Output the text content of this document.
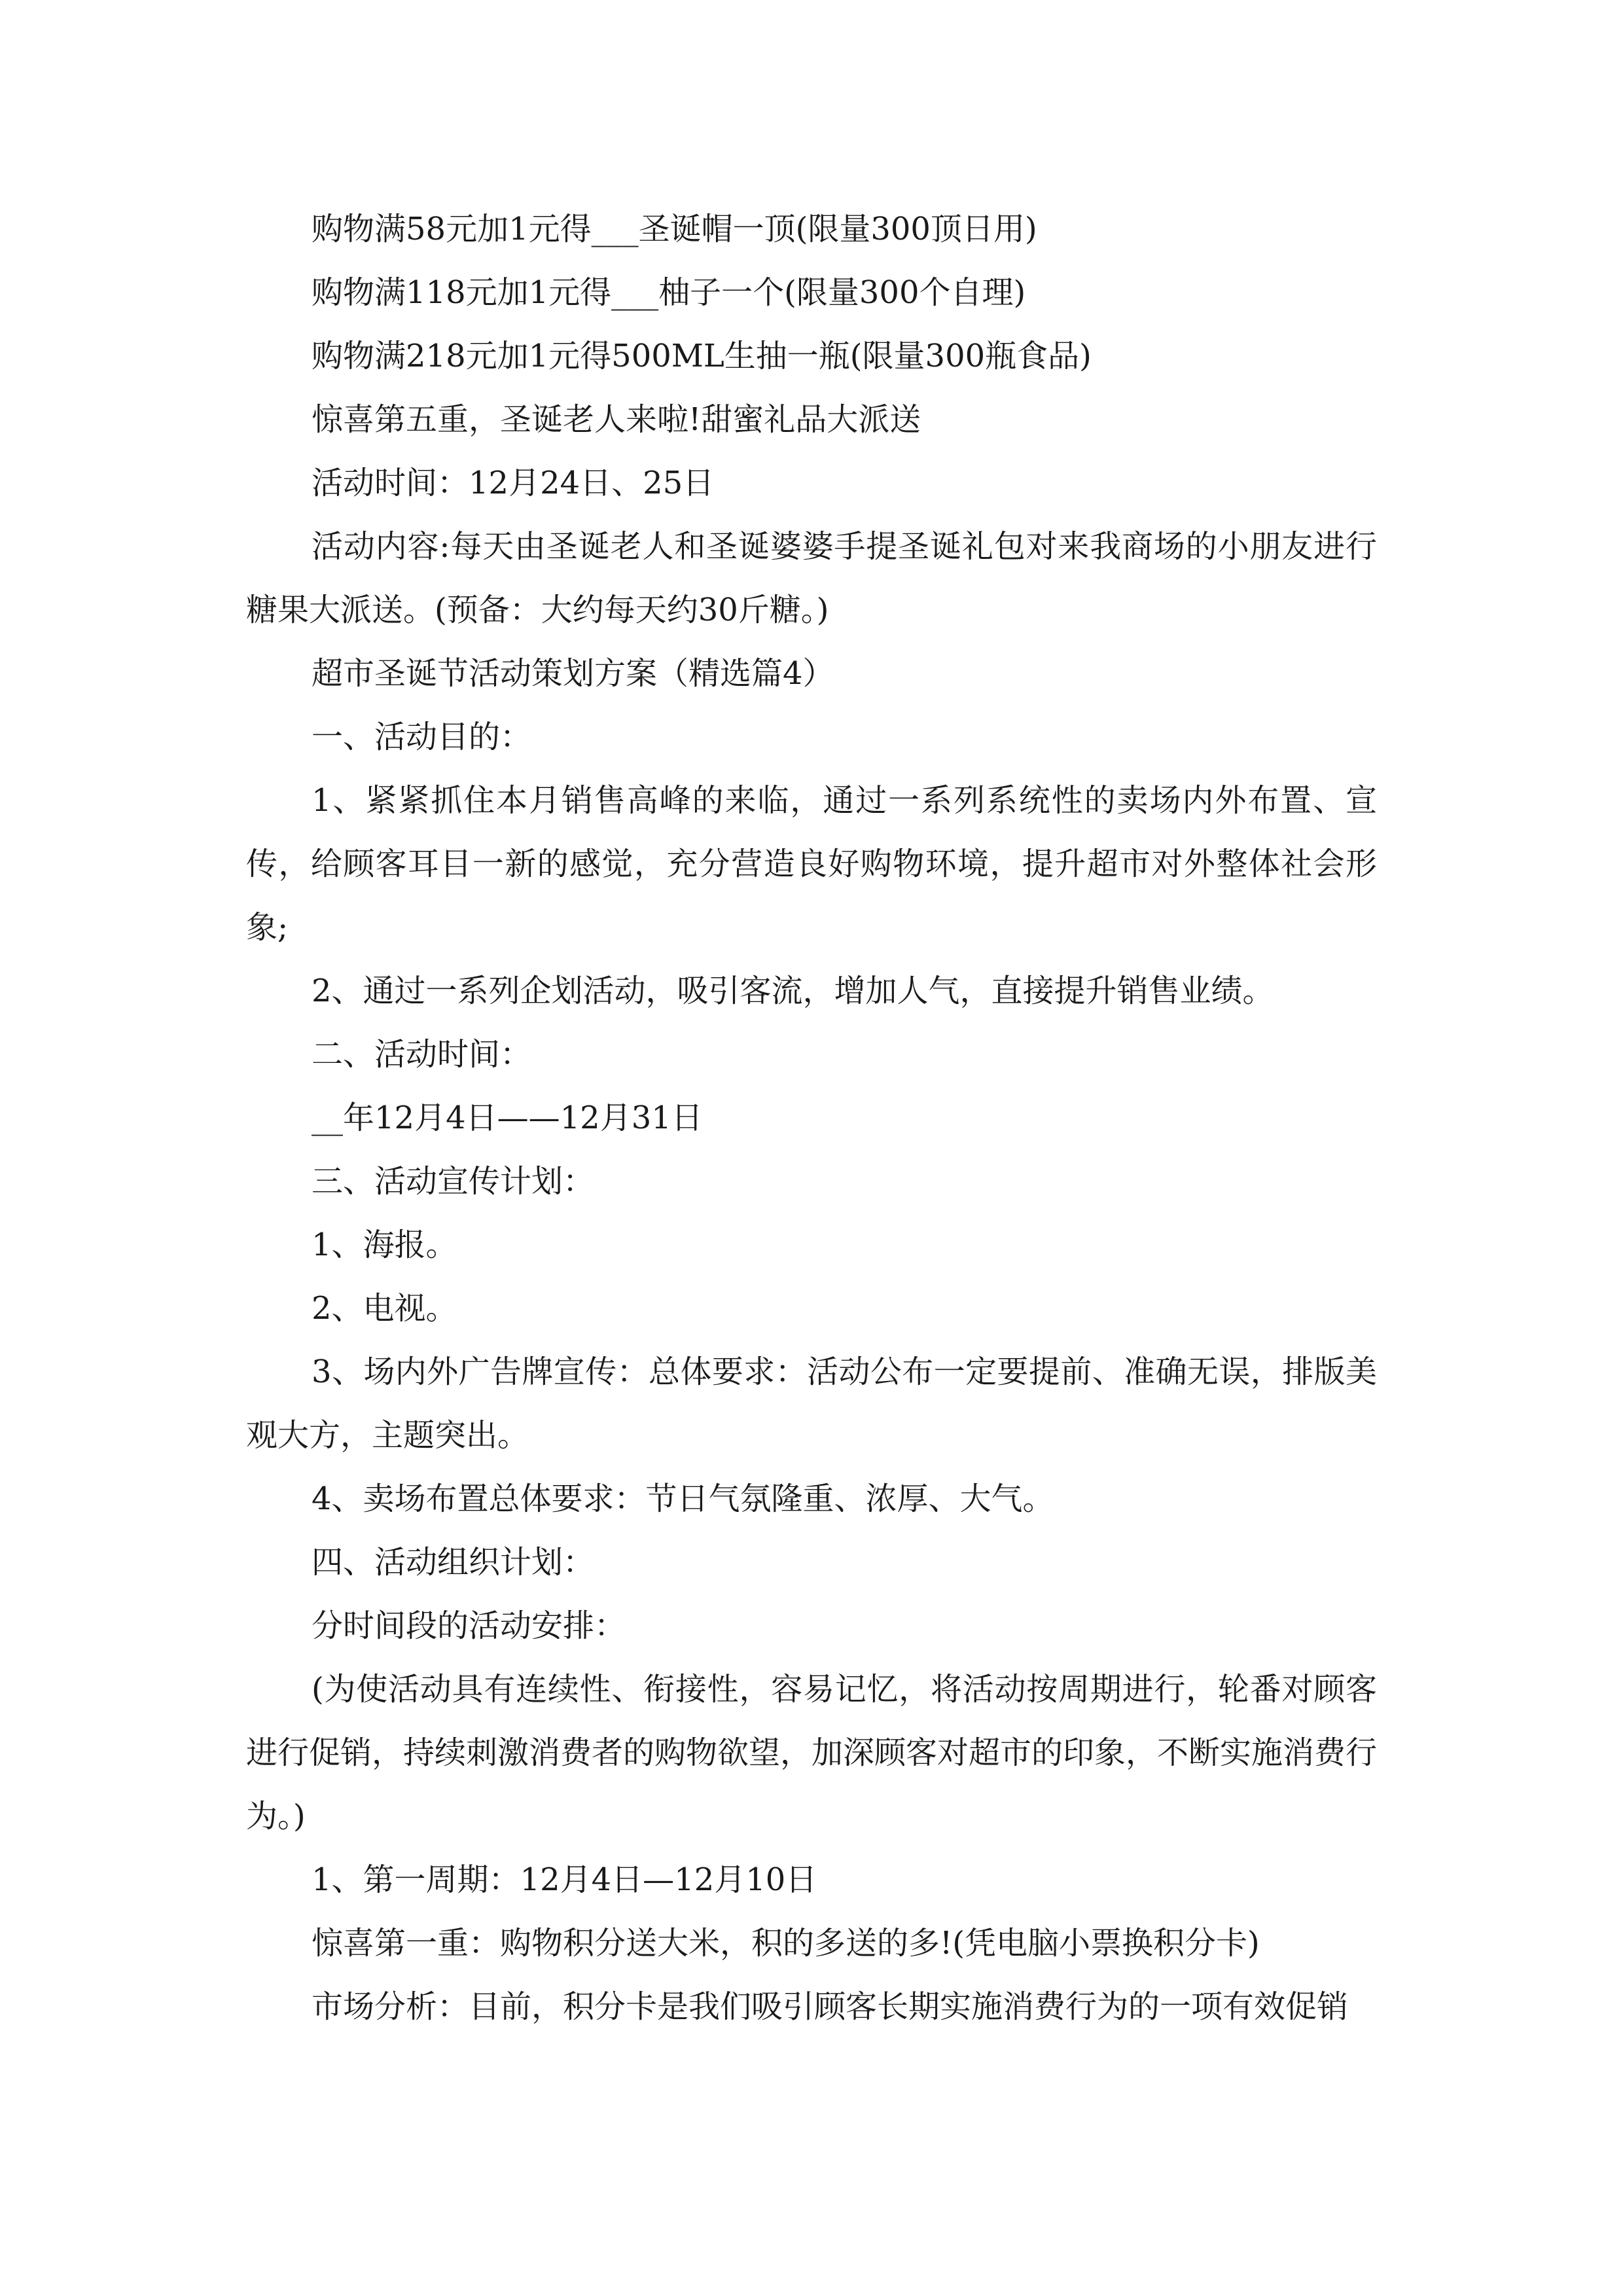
购物满58元加1元得___圣诞帽一顶(限量300顶日用)

购物满118元加1元得___柚子一个(限量300个自理)

购物满218元加1元得500ML生抽一瓶(限量300瓶食品)

惊喜第五重，圣诞老人来啦!甜蜜礼品大派送

活动时间：12月24日、25日

活动内容:每天由圣诞老人和圣诞婆婆手提圣诞礼包对来我商场的小朋友进行糖果大派送。(预备：大约每天约30斤糖。)

超市圣诞节活动策划方案（精选篇4）

一、活动目的：

1、紧紧抓住本月销售高峰的来临，通过一系列系统性的卖场内外布置、宣传，给顾客耳目一新的感觉，充分营造良好购物环境，提升超市对外整体社会形象;

2、通过一系列企划活动，吸引客流，增加人气，直接提升销售业绩。

二、活动时间：

__年12月4日——12月31日

三、活动宣传计划：

1、海报。

2、电视。

3、场内外广告牌宣传：总体要求：活动公布一定要提前、准确无误，排版美观大方，主题突出。

4、卖场布置总体要求：节日气氛隆重、浓厚、大气。

四、活动组织计划：

分时间段的活动安排：

(为使活动具有连续性、衔接性，容易记忆，将活动按周期进行，轮番对顾客进行促销，持续刺激消费者的购物欲望，加深顾客对超市的印象，不断实施消费行为。)

1、第一周期：12月4日—12月10日

惊喜第一重：购物积分送大米，积的多送的多!(凭电脑小票换积分卡)

市场分析：目前，积分卡是我们吸引顾客长期实施消费行为的一项有效促销
